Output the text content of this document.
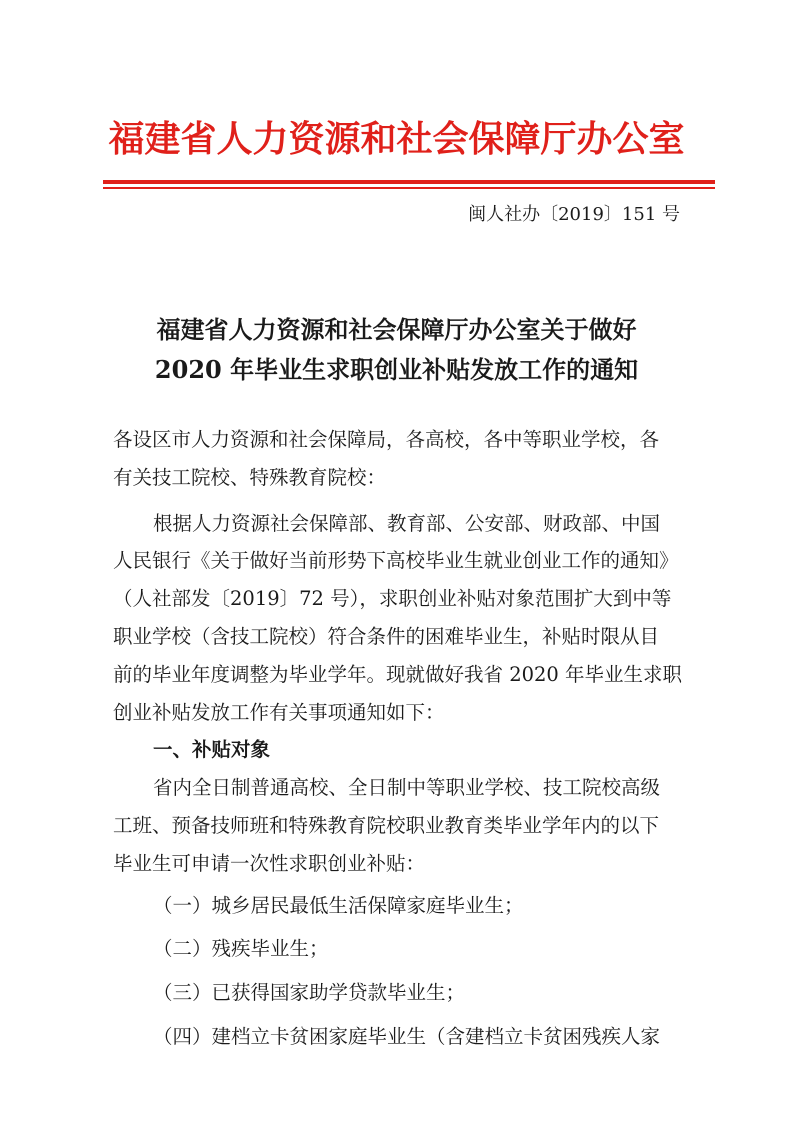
福建省人力资源和社会保障厅办公室
闽人社办〔2019〕151 号
福建省人力资源和社会保障厅办公室关于做好
2020 年毕业生求职创业补贴发放工作的通知
各设区市人力资源和社会保障局，各高校，各中等职业学校，各
有关技工院校、特殊教育院校：
根据人力资源社会保障部、教育部、公安部、财政部、中国
人民银行《关于做好当前形势下高校毕业生就业创业工作的通知》
（人社部发〔2019〕72 号），求职创业补贴对象范围扩大到中等
职业学校（含技工院校）符合条件的困难毕业生，补贴时限从目
前的毕业年度调整为毕业学年。现就做好我省 2020 年毕业生求职
创业补贴发放工作有关事项通知如下：
一、补贴对象
省内全日制普通高校、全日制中等职业学校、技工院校高级
工班、预备技师班和特殊教育院校职业教育类毕业学年内的以下
毕业生可申请一次性求职创业补贴：
（一）城乡居民最低生活保障家庭毕业生；
（二）残疾毕业生；
（三）已获得国家助学贷款毕业生；
（四）建档立卡贫困家庭毕业生（含建档立卡贫困残疾人家
